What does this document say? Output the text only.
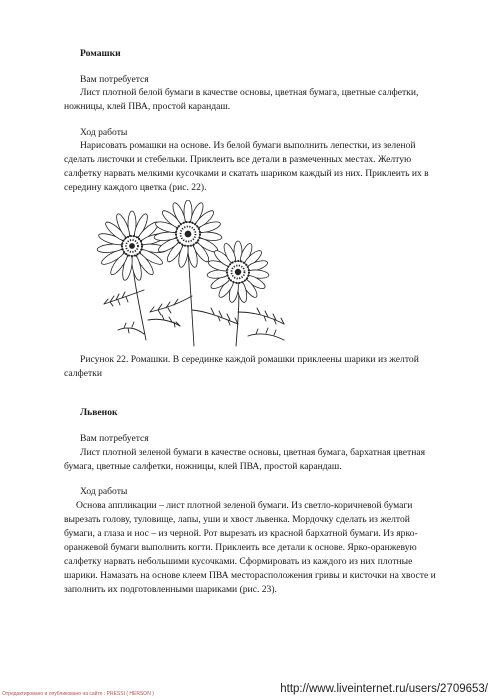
Ромашки
Вам потребуется
Лист плотной белой бумаги в качестве основы, цветная бумага, цветные салфетки,
ножницы, клей ПВА, простой карандаш.
Ход работы
Нарисовать ромашки на основе. Из белой бумаги выполнить лепестки, из зеленой
сделать листочки и стебельки. Приклеить все детали в размеченных местах. Желтую
салфетку нарвать мелкими кусочками и скатать шариком каждый из них. Приклеить их в
середину каждого цветка (рис. 22).
Рисунок 22. Ромашки. В серединке каждой ромашки приклеены шарики из желтой
салфетки
Львенок
Вам потребуется
Лист плотной зеленой бумаги в качестве основы, цветная бумага, бархатная цветная
бумага, цветные салфетки, ножницы, клей ПВА, простой карандаш.
Ход работы
Основа аппликации – лист плотной зеленой бумаги. Из светло-коричневой бумаги
вырезать голову, туловище, лапы, уши и хвост львенка. Мордочку сделать из желтой
бумаги, а глаза и нос – из черной. Рот вырезать из красной бархатной бумаги. Из ярко-
оранжевой бумаги выполнить когти. Приклеить все детали к основе. Ярко-оранжевую
салфетку нарвать небольшими кусочками. Сформировать из каждого из них плотные
шарики. Намазать на основе клеем ПВА месторасположения гривы и кисточки на хвосте и
заполнить их подготовленными шариками (рис. 23).
Отредактировано и опубликовано на сайте : PRESSI ( HERSON )	http://www.liveinternet.ru/users/2709653/
